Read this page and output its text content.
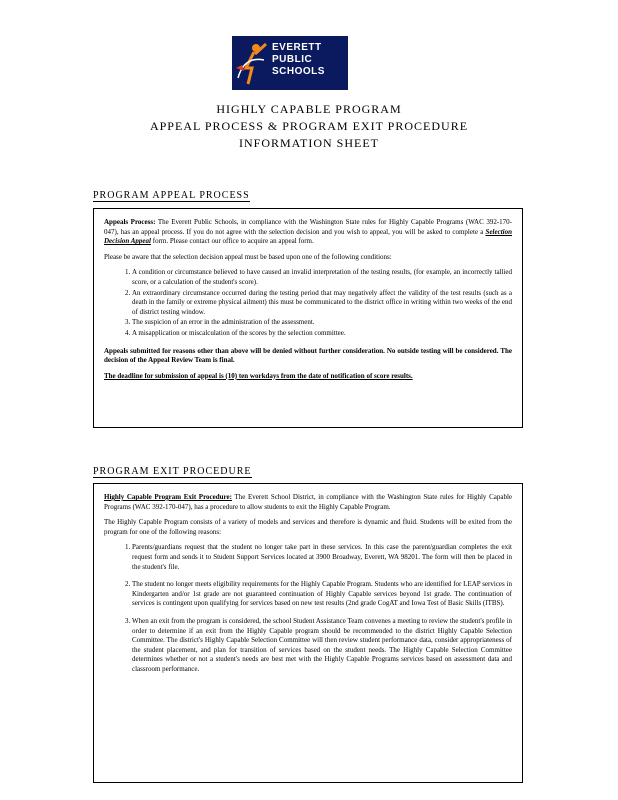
EVERETT
PUBLIC
SCHOOLS
HIGHLY CAPABLE PROGRAM
APPEAL PROCESS & PROGRAM EXIT PROCEDURE
INFORMATION SHEET
PROGRAM APPEAL PROCESS

Appeals Process: The Everett Public Schools, in compliance with the Washington State rules for Highly Capable Programs (WAC 392-170-047), has an appeal process. If you do not agree with the selection decision and you wish to appeal, you will be asked to complete a Selection Decision Appeal form. Please contact our office to acquire an appeal form.

Please be aware that the selection decision appeal must be based upon one of the following conditions:

1. A condition or circumstance believed to have caused an invalid interpretation of the testing results, (for example, an incorrectly tallied score, or a calculation of the student's score).
2. An extraordinary circumstance occurred during the testing period that may negatively affect the validity of the test results (such as a death in the family or extreme physical ailment) this must be communicated to the district office in writing within two weeks of the end of district testing window.
3. The suspicion of an error in the administration of the assessment.
4. A misapplication or miscalculation of the scores by the selection committee.

Appeals submitted for reasons other than above will be denied without further consideration. No outside testing will be considered. The decision of the Appeal Review Team is final.

The deadline for submission of appeal is (10) ten workdays from the date of notification of score results.

PROGRAM EXIT PROCEDURE

Highly Capable Program Exit Procedure: The Everett School District, in compliance with the Washington State rules for Highly Capable Programs (WAC 392-170-047), has a procedure to allow students to exit the Highly Capable Program.

The Highly Capable Program consists of a variety of models and services and therefore is dynamic and fluid. Students will be exited from the program for one of the following reasons:

1. Parents/guardians request that the student no longer take part in these services. In this case the parent/guardian completes the exit request form and sends it to Student Support Services located at 3900 Broadway, Everett, WA 98201. The form will then be placed in the student's file.
2. The student no longer meets eligibility requirements for the Highly Capable Program. Students who are identified for LEAP services in Kindergarten and/or 1st grade are not guaranteed continuation of Highly Capable services beyond 1st grade. The continuation of services is contingent upon qualifying for services based on new test results (2nd grade CogAT and Iowa Test of Basic Skills (ITBS).
3. When an exit from the program is considered, the school Student Assistance Team convenes a meeting to review the student's profile in order to determine if an exit from the Highly Capable program should be recommended to the district Highly Capable Selection Committee. The district's Highly Capable Selection Committee will then review student performance data, consider appropriateness of the student placement, and plan for transition of services based on the student needs. The Highly Capable Selection Committee determines whether or not a student's needs are best met with the Highly Capable Programs services based on assessment data and classroom performance.
